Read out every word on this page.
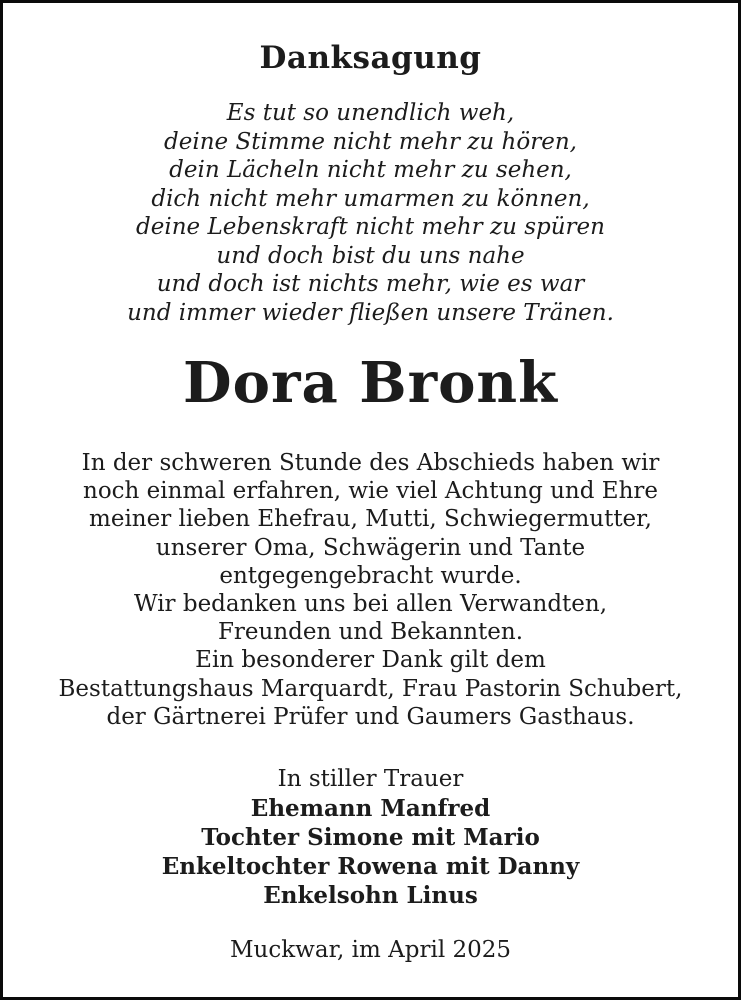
Danksagung
Es tut so unendlich weh,
deine Stimme nicht mehr zu hören,
dein Lächeln nicht mehr zu sehen,
dich nicht mehr umarmen zu können,
deine Lebenskraft nicht mehr zu spüren
und doch bist du uns nahe
und doch ist nichts mehr, wie es war
und immer wieder fließen unsere Tränen.
Dora Bronk
In der schweren Stunde des Abschieds haben wir
noch einmal erfahren, wie viel Achtung und Ehre
meiner lieben Ehefrau, Mutti, Schwiegermutter,
unserer Oma, Schwägerin und Tante
entgegengebracht wurde.
Wir bedanken uns bei allen Verwandten,
Freunden und Bekannten.
Ein besonderer Dank gilt dem
Bestattungshaus Marquardt, Frau Pastorin Schubert,
der Gärtnerei Prüfer und Gaumers Gasthaus.
In stiller Trauer
Ehemann Manfred
Tochter Simone mit Mario
Enkeltochter Rowena mit Danny
Enkelsohn Linus
Muckwar, im April 2025
